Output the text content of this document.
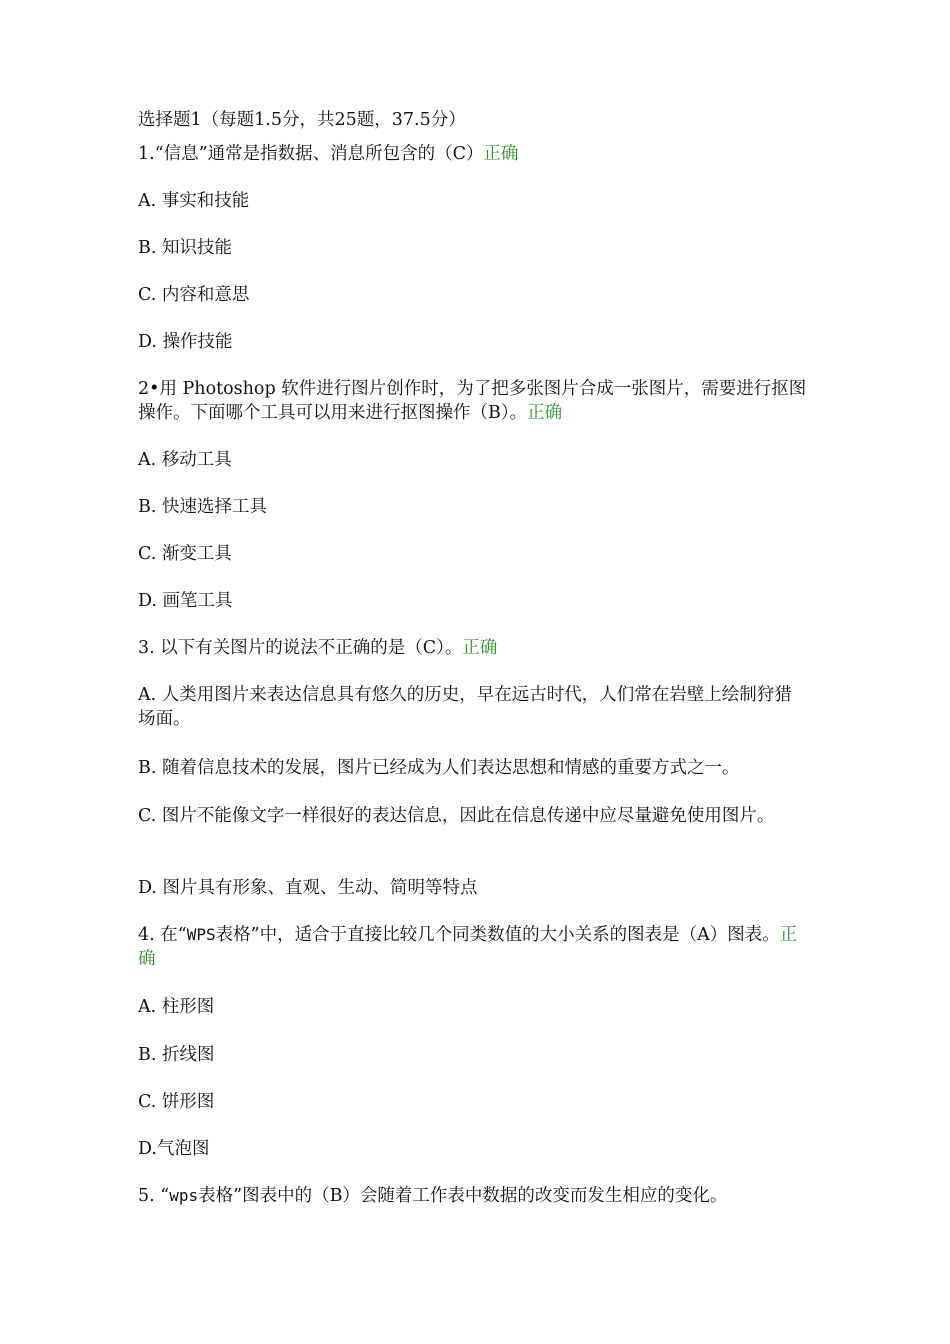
选择题1（每题1.5分，共25题，37.5分）
1.“信息”通常是指数据、消息所包含的（C）正确
A. 事实和技能
B. 知识技能
C. 内容和意思
D. 操作技能
2•用 Photoshop 软件进行图片创作时，为了把多张图片合成一张图片，需要进行抠图操作。下面哪个工具可以用来进行抠图操作（B）。正确
A. 移动工具
B. 快速选择工具
C. 渐变工具
D. 画笔工具
3. 以下有关图片的说法不正确的是（C）。正确
A. 人类用图片来表达信息具有悠久的历史，早在远古时代，人们常在岩壁上绘制狩猎场面。
B. 随着信息技术的发展，图片已经成为人们表达思想和情感的重要方式之一。
C. 图片不能像文字一样很好的表达信息，因此在信息传递中应尽量避免使用图片。
D. 图片具有形象、直观、生动、简明等特点
4. 在“WPS表格”中，适合于直接比较几个同类数值的大小关系的图表是（A）图表。正确
A. 柱形图
B. 折线图
C. 饼形图
D.气泡图
5. “wps表格”图表中的（B）会随着工作表中数据的改变而发生相应的变化。
